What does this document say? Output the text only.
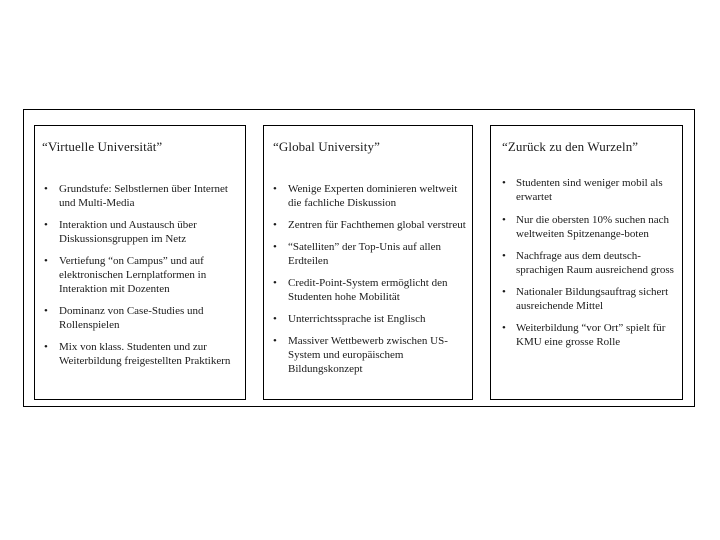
“Virtuelle Universität”
• Grundstufe: Selbstlernen über Internet und Multi-Media
• Interaktion und Austausch über Diskussionsgruppen im Netz
• Vertiefung “on Campus” und auf elektronischen Lernplatformen in Interaktion mit Dozenten
• Dominanz von Case-Studies und Rollenspielen
• Mix von klass. Studenten und zur Weiterbildung freigestellten Praktikern
“Global University”
• Wenige Experten dominieren weltweit die fachliche Diskussion
• Zentren für Fachthemen global verstreut
• “Satelliten” der Top-Unis auf allen Erdteilen
• Credit-Point-System ermöglicht den Studenten hohe Mobilität
• Unterrichtssprache ist Englisch
• Massiver Wettbewerb zwischen US-System und europäischem Bildungskonzept
“Zurück zu den Wurzeln”
• Studenten sind weniger mobil als erwartet
• Nur die obersten 10% suchen nach weltweiten Spitzenange-boten
• Nachfrage aus dem deutsch-sprachigen Raum ausreichend gross
• Nationaler Bildungsauftrag sichert ausreichende Mittel
• Weiterbildung “vor Ort” spielt für KMU eine grosse Rolle
